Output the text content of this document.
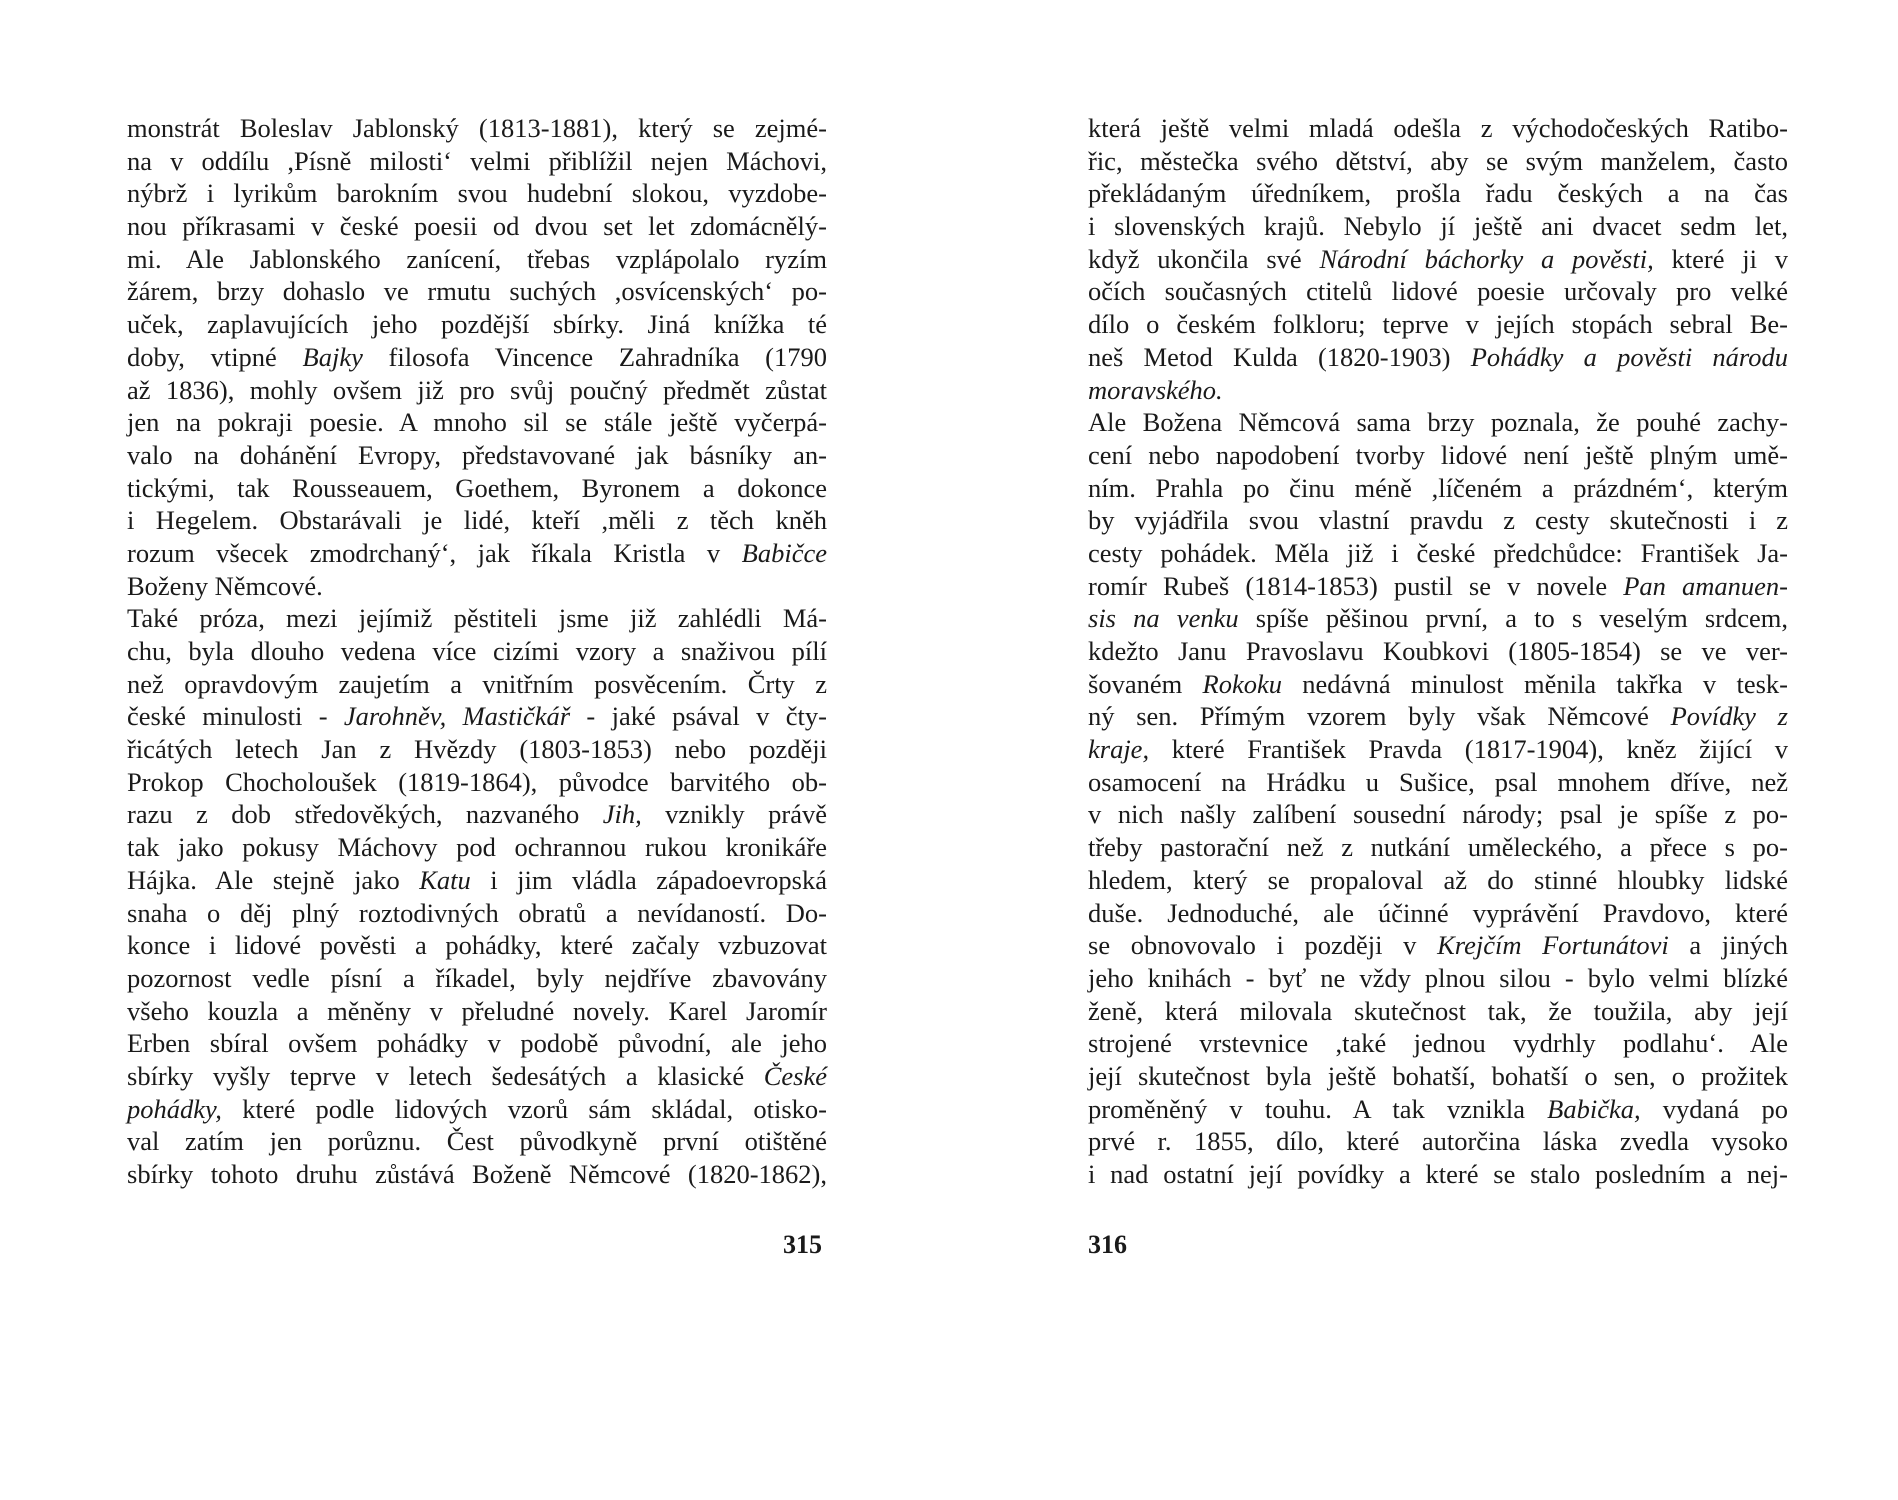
monstrát Boleslav Jablonský (1813-1881), který se zejmé-
na v oddílu ,Písně milosti‘ velmi přiblížil nejen Máchovi,
nýbrž i lyrikům barokním svou hudební slokou, vyzdobe-
nou příkrasami v české poesii od dvou set let zdomácnělý-
mi. Ale Jablonského zanícení, třebas vzplápolalo ryzím
žárem, brzy dohaslo ve rmutu suchých ,osvícenských‘ po-
uček, zaplavujících jeho pozdější sbírky. Jiná knížka té
doby, vtipné Bajky filosofa Vincence Zahradníka (1790
až 1836), mohly ovšem již pro svůj poučný předmět zůstat
jen na pokraji poesie. A mnoho sil se stále ještě vyčerpá-
valo na dohánění Evropy, představované jak básníky an-
tickými, tak Rousseauem, Goethem, Byronem a dokonce
i Hegelem. Obstarávali je lidé, kteří ,měli z těch kněh
rozum všecek zmodrchaný‘, jak říkala Kristla v Babičce
Boženy Němcové.
Také próza, mezi jejímiž pěstiteli jsme již zahlédli Má-
chu, byla dlouho vedena více cizími vzory a snaživou pílí
než opravdovým zaujetím a vnitřním posvěcením. Črty z
české minulosti - Jarohněv, Mastičkář - jaké psával v čty-
řicátých letech Jan z Hvězdy (1803-1853) nebo později
Prokop Chocholoušek (1819-1864), původce barvitého ob-
razu z dob středověkých, nazvaného Jih, vznikly právě
tak jako pokusy Máchovy pod ochrannou rukou kronikáře
Hájka. Ale stejně jako Katu i jim vládla západoevropská
snaha o děj plný roztodivných obratů a nevídaností. Do-
konce i lidové pověsti a pohádky, které začaly vzbuzovat
pozornost vedle písní a říkadel, byly nejdříve zbavovány
všeho kouzla a měněny v přeludné novely. Karel Jaromír
Erben sbíral ovšem pohádky v podobě původní, ale jeho
sbírky vyšly teprve v letech šedesátých a klasické České
pohádky, které podle lidových vzorů sám skládal, otisko-
val zatím jen porůznu. Čest původkyně první otištěné
sbírky tohoto druhu zůstává Boženě Němcové (1820-1862),
která ještě velmi mladá odešla z východočeských Ratibo-
řic, městečka svého dětství, aby se svým manželem, často
překládaným úředníkem, prošla řadu českých a na čas
i slovenských krajů. Nebylo jí ještě ani dvacet sedm let,
když ukončila své Národní báchorky a pověsti, které ji v
očích současných ctitelů lidové poesie určovaly pro velké
dílo o českém folkloru; teprve v jejích stopách sebral Be-
neš Metod Kulda (1820-1903) Pohádky a pověsti národu
moravského.
Ale Božena Němcová sama brzy poznala, že pouhé zachy-
cení nebo napodobení tvorby lidové není ještě plným umě-
ním. Prahla po činu méně ,líčeném a prázdném‘, kterým
by vyjádřila svou vlastní pravdu z cesty skutečnosti i z
cesty pohádek. Měla již i české předchůdce: František Ja-
romír Rubeš (1814-1853) pustil se v novele Pan amanuen-
sis na venku spíše pěšinou první, a to s veselým srdcem,
kdežto Janu Pravoslavu Koubkovi (1805-1854) se ve ver-
šovaném Rokoku nedávná minulost měnila takřka v tesk-
ný sen. Přímým vzorem byly však Němcové Povídky z
kraje, které František Pravda (1817-1904), kněz žijící v
osamocení na Hrádku u Sušice, psal mnohem dříve, než
v nich našly zalíbení sousední národy; psal je spíše z po-
třeby pastorační než z nutkání uměleckého, a přece s po-
hledem, který se propaloval až do stinné hloubky lidské
duše. Jednoduché, ale účinné vyprávění Pravdovo, které
se obnovovalo i později v Krejčím Fortunátovi a jiných
jeho knihách - byť ne vždy plnou silou - bylo velmi blízké
ženě, která milovala skutečnost tak, že toužila, aby její
strojené vrstevnice ,také jednou vydrhly podlahu‘. Ale
její skutečnost byla ještě bohatší, bohatší o sen, o prožitek
proměněný v touhu. A tak vznikla Babička, vydaná po
prvé r. 1855, dílo, které autorčina láska zvedla vysoko
i nad ostatní její povídky a které se stalo posledním a nej-
315	316
